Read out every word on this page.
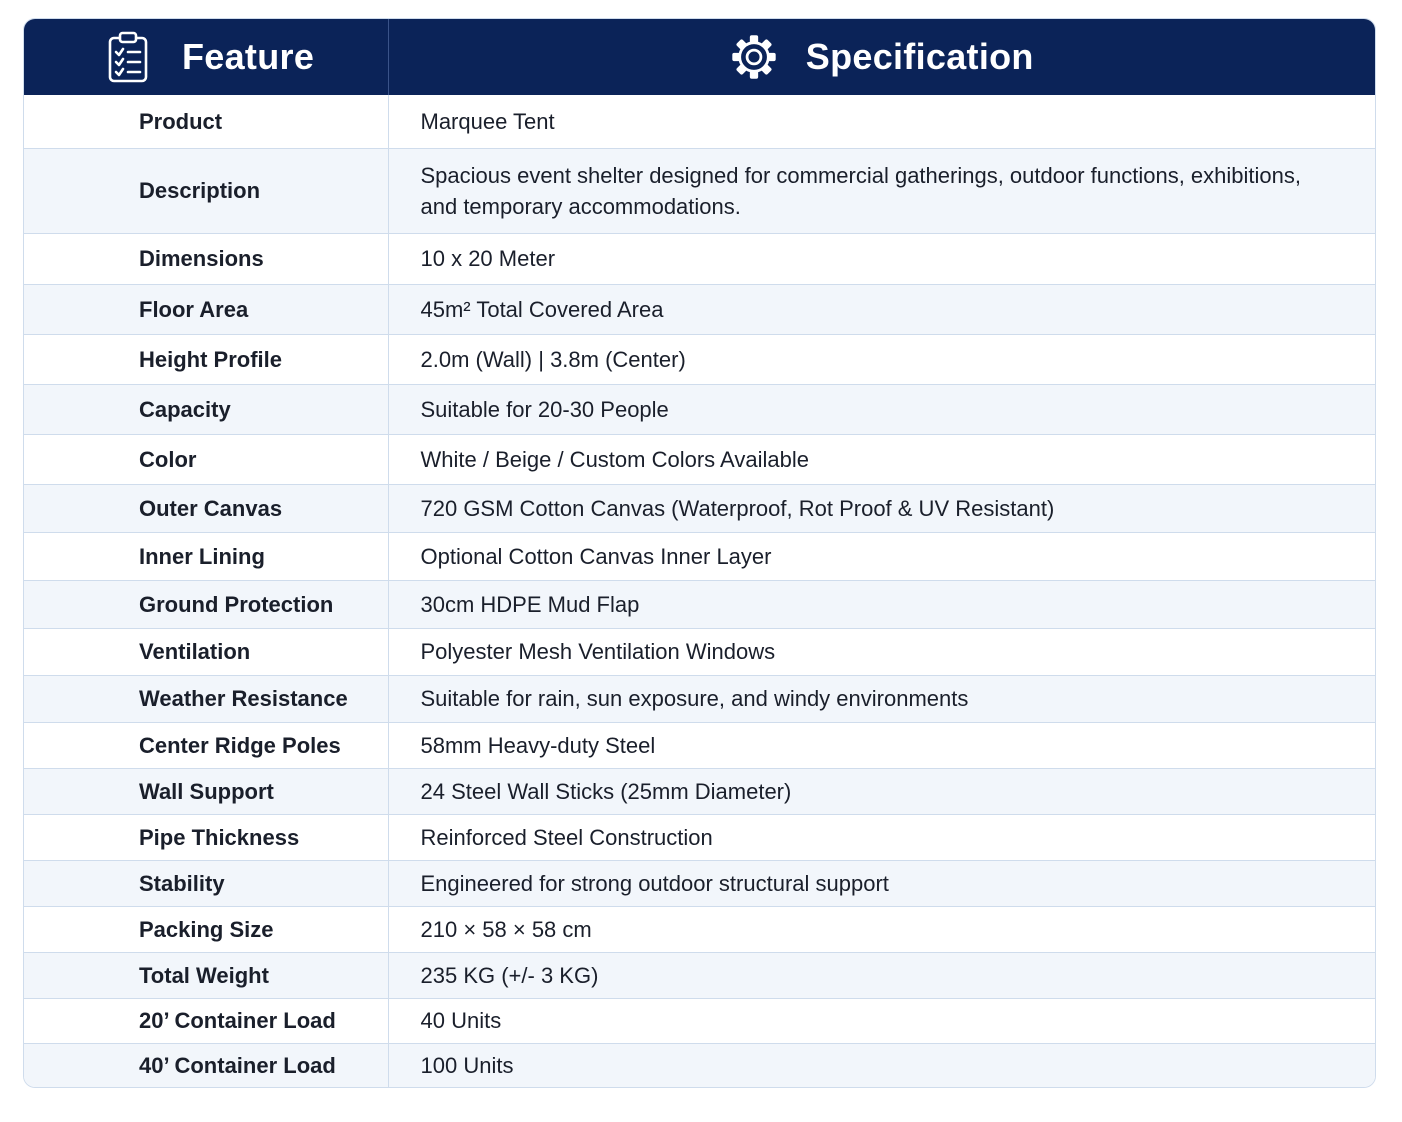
Feature	Specification

Product	Marquee Tent
Description	Spacious event shelter designed for commercial gatherings, outdoor functions, exhibitions, and temporary accommodations.
Dimensions	10 x 20 Meter
Floor Area	45m² Total Covered Area
Height Profile	2.0m (Wall) | 3.8m (Center)
Capacity	Suitable for 20-30 People
Color	White / Beige / Custom Colors Available
Outer Canvas	720 GSM Cotton Canvas (Waterproof, Rot Proof & UV Resistant)
Inner Lining	Optional Cotton Canvas Inner Layer
Ground Protection	30cm HDPE Mud Flap
Ventilation	Polyester Mesh Ventilation Windows
Weather Resistance	Suitable for rain, sun exposure, and windy environments
Center Ridge Poles	58mm Heavy-duty Steel
Wall Support	24 Steel Wall Sticks (25mm Diameter)
Pipe Thickness	Reinforced Steel Construction
Stability	Engineered for strong outdoor structural support
Packing Size	210 × 58 × 58 cm
Total Weight	235 KG (+/- 3 KG)
20’ Container Load	40 Units
40’ Container Load	100 Units
